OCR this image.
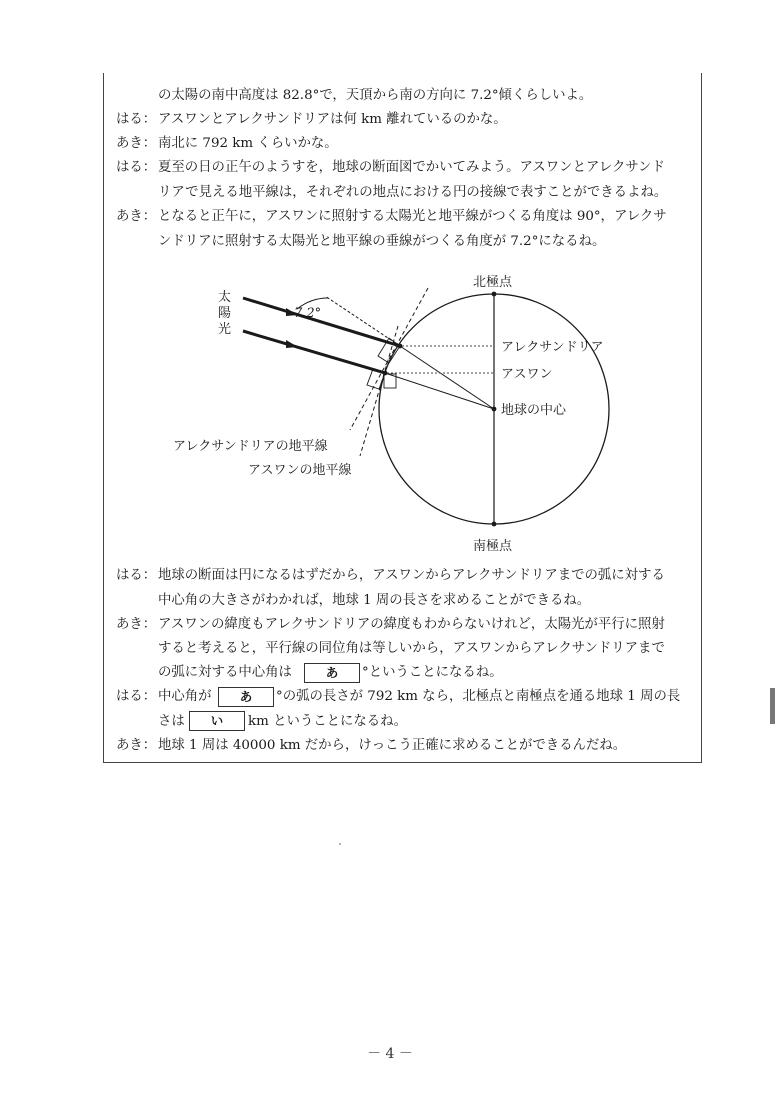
の太陽の南中高度は 82.8°で，天頂から南の方向に 7.2°傾くらしいよ。
はる： アスワンとアレクサンドリアは何 km 離れているのかな。
あき： 南北に 792 km くらいかな。
はる： 夏至の日の正午のようすを，地球の断面図でかいてみよう。アスワンとアレクサンド
リアで見える地平線は，それぞれの地点における円の接線で表すことができるよね。
あき： となると正午に，アスワンに照射する太陽光と地平線がつくる角度は 90°，アレクサ
ンドリアに照射する太陽光と地平線の垂線がつくる角度が 7.2°になるね。
太
陽
光
7.2°
北極点
南極点
アレクサンドリア
アスワン
地球の中心
アレクサンドリアの地平線
アスワンの地平線
はる： 地球の断面は円になるはずだから，アスワンからアレクサンドリアまでの弧に対する
中心角の大きさがわかれば，地球 1 周の長さを求めることができるね。
あき： アスワンの緯度もアレクサンドリアの緯度もわからないけれど，太陽光が平行に照射
すると考えると，平行線の同位角は等しいから，アスワンからアレクサンドリアまで
の弧に対する中心角は	あ	°ということになるね。
はる： 中心角が	あ	°の弧の長さが 792 km なら，北極点と南極点を通る地球 1 周の長
さは	い	km ということになるね。
あき： 地球 1 周は 40000 km だから，けっこう正確に求めることができるんだね。
－ 4 －
